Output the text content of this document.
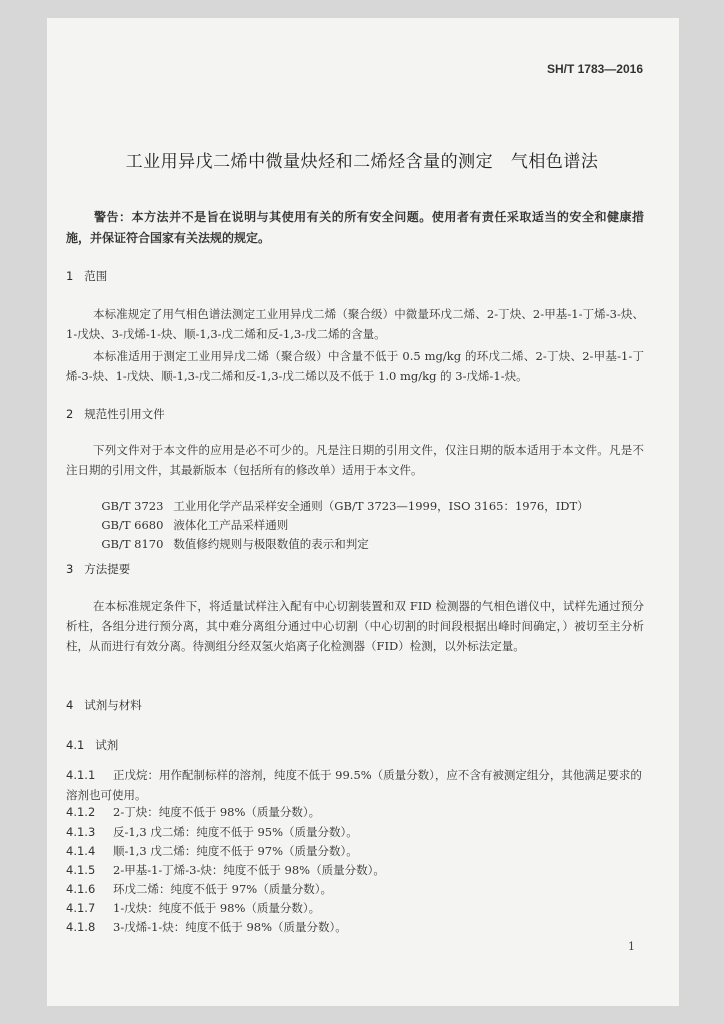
SH/T 1783—2016
工业用异戊二烯中微量炔烃和二烯烃含量的测定   气相色谱法
警告：本方法并不是旨在说明与其使用有关的所有安全问题。使用者有责任采取适当的安全和健康措施，并保证符合国家有关法规的规定。
1   范围
本标准规定了用气相色谱法测定工业用异戊二烯（聚合级）中微量环戊二烯、2-丁炔、2-甲基-1-丁烯-3-炔、1-戊炔、3-戊烯-1-炔、顺-1,3-戊二烯和反-1,3-戊二烯的含量。
本标准适用于测定工业用异戊二烯（聚合级）中含量不低于 0.5 mg/kg 的环戊二烯、2-丁炔、2-甲基-1-丁烯-3-炔、1-戊炔、顺-1,3-戊二烯和反-1,3-戊二烯以及不低于 1.0 mg/kg 的 3-戊烯-1-炔。
2   规范性引用文件
下列文件对于本文件的应用是必不可少的。凡是注日期的引用文件，仅注日期的版本适用于本文件。凡是不注日期的引用文件，其最新版本（包括所有的修改单）适用于本文件。

GB/T 3723 工业用化学产品采样安全通则（GB/T 3723—1999，ISO 3165：1976，IDT）

GB/T 6680 液体化工产品采样通则

GB/T 8170 数值修约规则与极限数值的表示和判定

3   方法提要
在本标准规定条件下，将适量试样注入配有中心切割装置和双 FID 检测器的气相色谱仪中，试样先通过预分析柱，各组分进行预分离，其中难分离组分通过中心切割（中心切割的时间段根据出峰时间确定，）被切至主分析柱，从而进行有效分离。待测组分经双氢火焰离子化检测器（FID）检测，以外标法定量。
4   试剂与材料
4.1   试剂
4.1.1 正戊烷：用作配制标样的溶剂，纯度不低于 99.5%（质量分数），应不含有被测定组分，其他满足要求的溶剂也可使用。
4.1.2 2-丁炔：纯度不低于 98%（质量分数）。
4.1.3 反-1,3 戊二烯：纯度不低于 95%（质量分数）。
4.1.4 顺-1,3 戊二烯：纯度不低于 97%（质量分数）。
4.1.5 2-甲基-1-丁烯-3-炔：纯度不低于 98%（质量分数）。
4.1.6 环戊二烯：纯度不低于 97%（质量分数）。
4.1.7 1-戊炔：纯度不低于 98%（质量分数）。
4.1.8 3-戊烯-1-炔：纯度不低于 98%（质量分数）。
1
